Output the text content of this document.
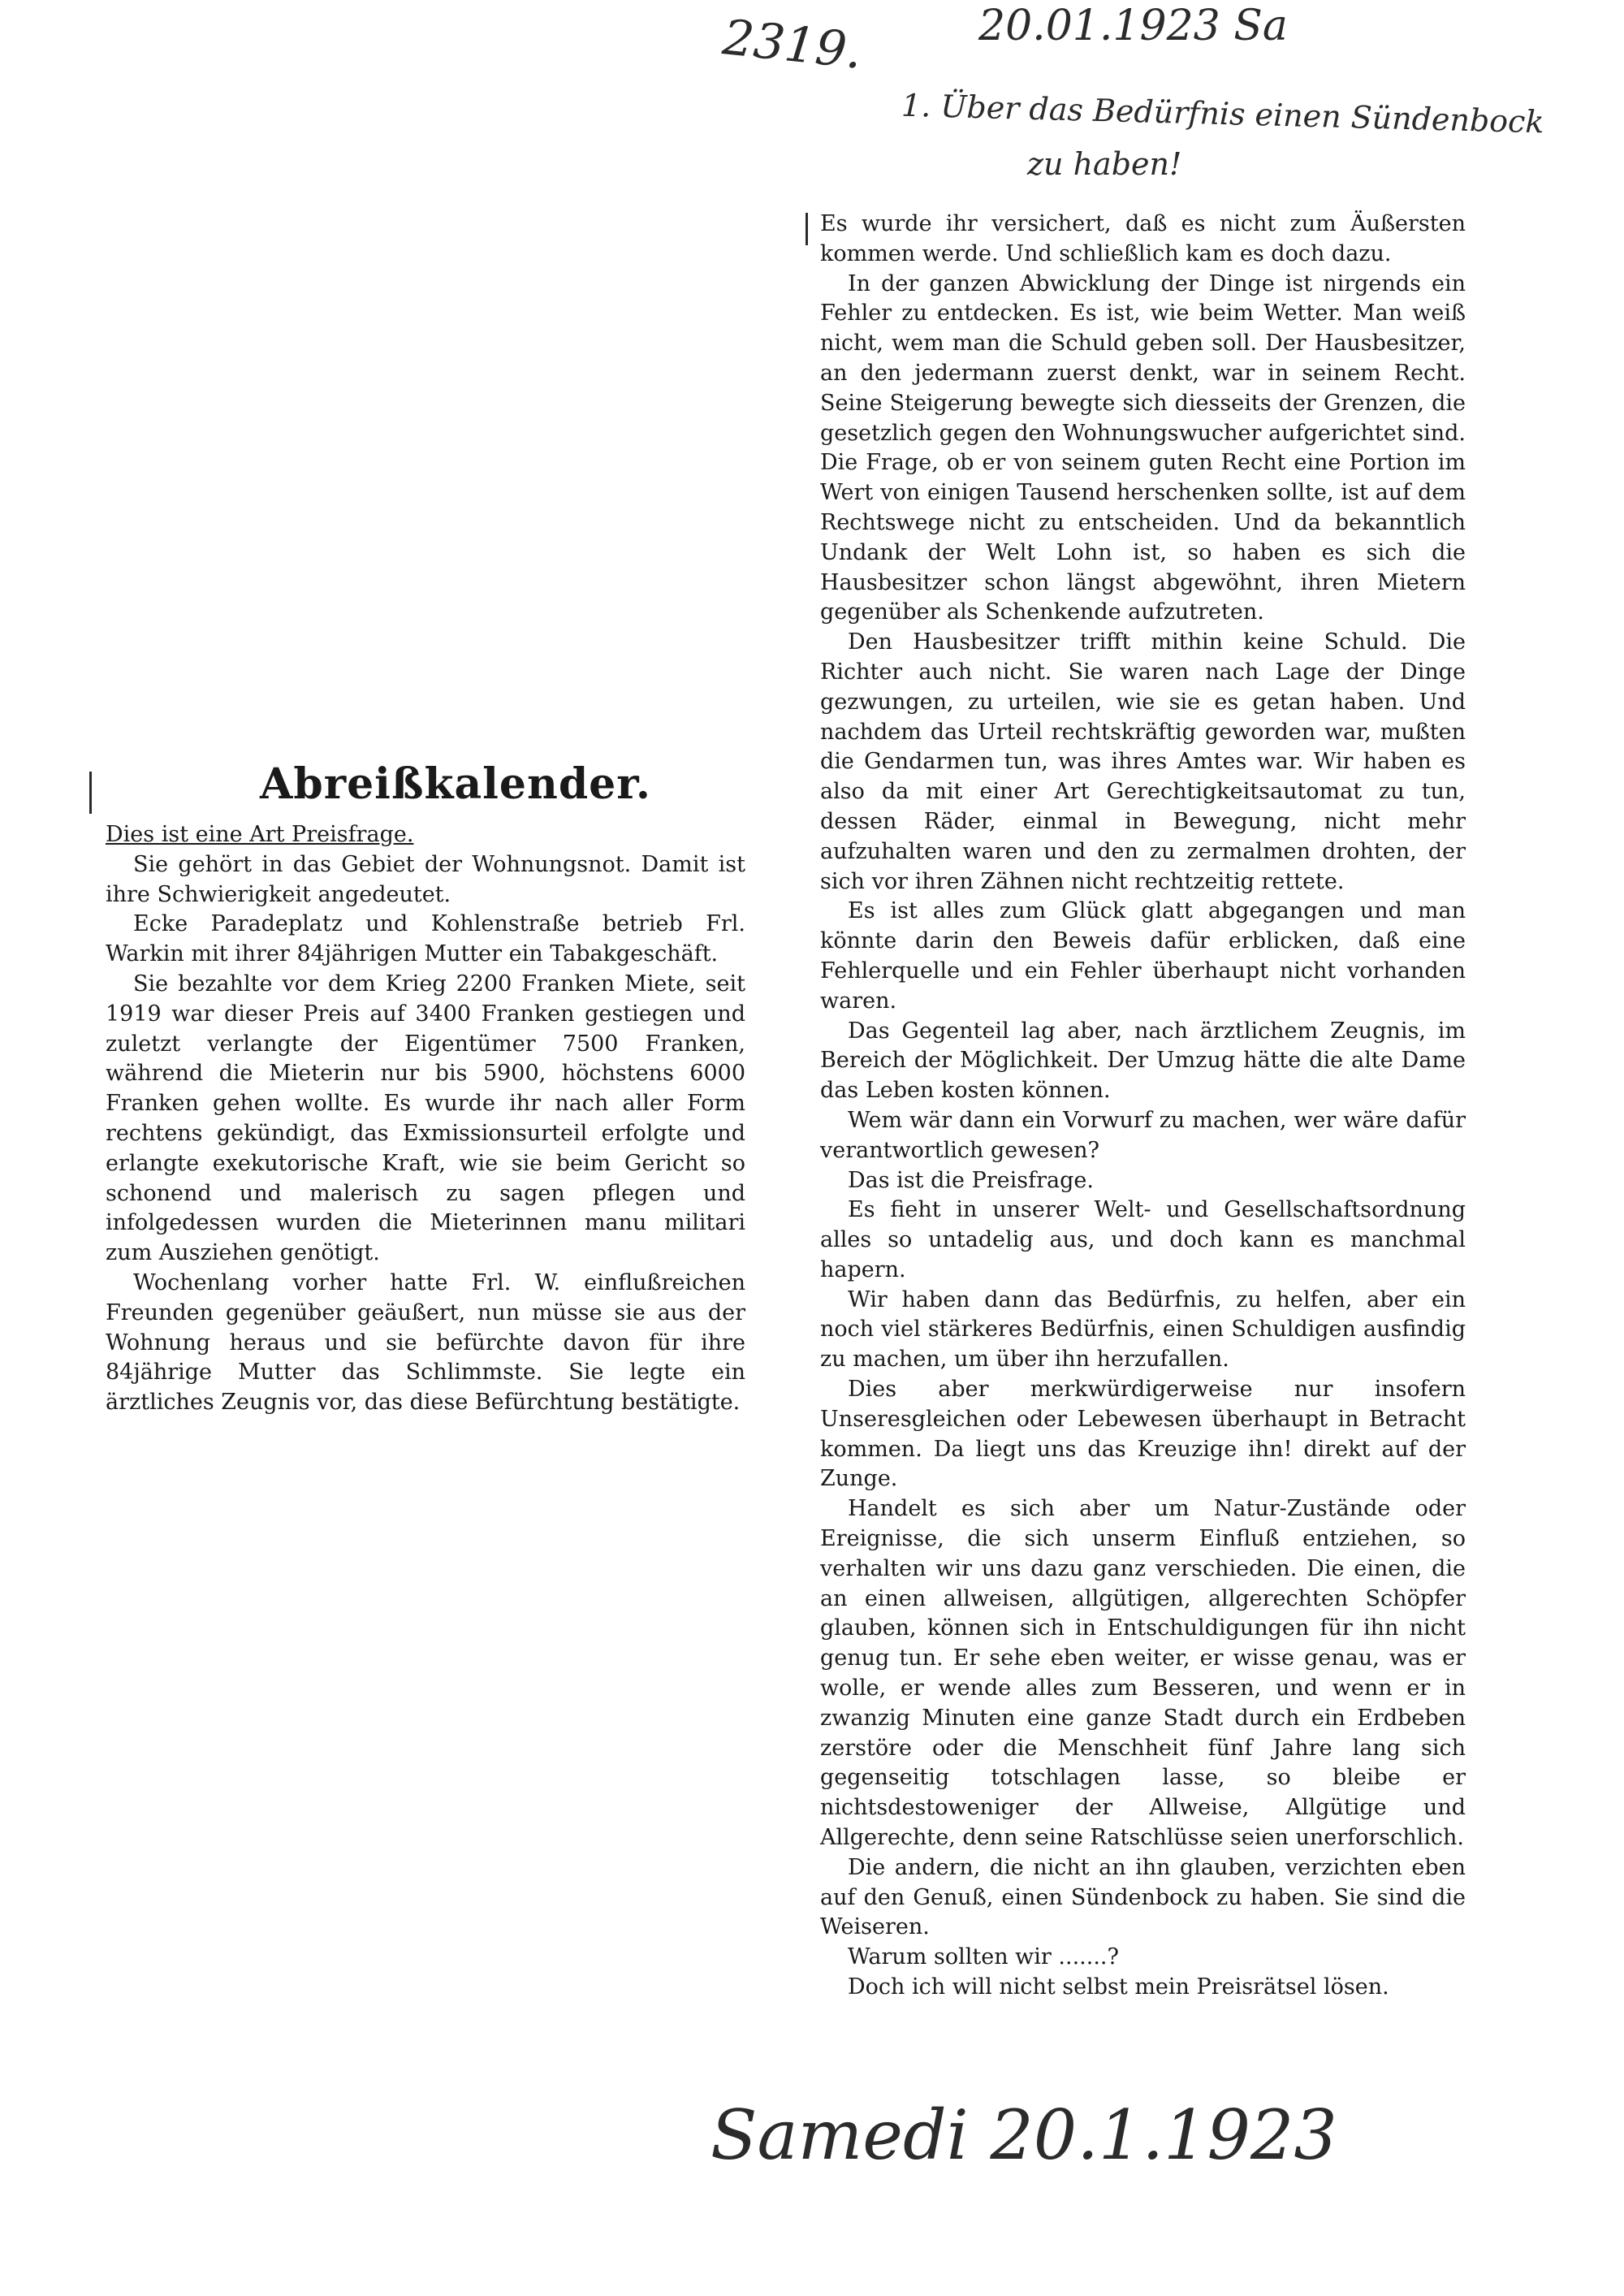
2319.	20.01.1923 Sa
1. Über das Bedürfnis einen Sündenbock
zu haben!
Samedi 20.1.1923
Abreißkalender.

Dies ist eine Art Preisfrage.

Sie gehört in das Gebiet der Wohnungsnot. Damit ist ihre Schwierigkeit angedeutet.

Ecke Paradeplatz und Kohlenstraße betrieb Frl. Warkin mit ihrer 84jährigen Mutter ein Tabakgeschäft.

Sie bezahlte vor dem Krieg 2200 Franken Miete, seit 1919 war dieser Preis auf 3400 Franken gestiegen und zuletzt verlangte der Eigentümer 7500 Franken, während die Mieterin nur bis 5900, höchstens 6000 Franken gehen wollte. Es wurde ihr nach aller Form rechtens gekündigt, das Exmissionsurteil erfolgte und erlangte exekutorische Kraft, wie sie beim Gericht so schonend und malerisch zu sagen pflegen und infolgedessen wurden die Mieterinnen manu militari zum Ausziehen genötigt.

Wochenlang vorher hatte Frl. W. einflußreichen Freunden gegenüber geäußert, nun müsse sie aus der Wohnung heraus und sie befürchte davon für ihre 84jährige Mutter das Schlimmste. Sie legte ein ärztliches Zeugnis vor, das diese Befürchtung bestätigte.

Es wurde ihr versichert, daß es nicht zum Äußersten kommen werde. Und schließlich kam es doch dazu.

In der ganzen Abwicklung der Dinge ist nirgends ein Fehler zu entdecken. Es ist, wie beim Wetter. Man weiß nicht, wem man die Schuld geben soll. Der Hausbesitzer, an den jedermann zuerst denkt, war in seinem Recht. Seine Steigerung bewegte sich diesseits der Grenzen, die gesetzlich gegen den Wohnungswucher aufgerichtet sind. Die Frage, ob er von seinem guten Recht eine Portion im Wert von einigen Tausend herschenken sollte, ist auf dem Rechtswege nicht zu entscheiden. Und da bekanntlich Undank der Welt Lohn ist, so haben es sich die Hausbesitzer schon längst abgewöhnt, ihren Mietern gegenüber als Schenkende aufzutreten.

Den Hausbesitzer trifft mithin keine Schuld. Die Richter auch nicht. Sie waren nach Lage der Dinge gezwungen, zu urteilen, wie sie es getan haben. Und nachdem das Urteil rechtskräftig geworden war, mußten die Gendarmen tun, was ihres Amtes war. Wir haben es also da mit einer Art Gerechtigkeitsautomat zu tun, dessen Räder, einmal in Bewegung, nicht mehr aufzuhalten waren und den zu zermalmen drohten, der sich vor ihren Zähnen nicht rechtzeitig rettete.

Es ist alles zum Glück glatt abgegangen und man könnte darin den Beweis dafür erblicken, daß eine Fehlerquelle und ein Fehler überhaupt nicht vorhanden waren.

Das Gegenteil lag aber, nach ärztlichem Zeugnis, im Bereich der Möglichkeit. Der Umzug hätte die alte Dame das Leben kosten können.

Wem wär dann ein Vorwurf zu machen, wer wäre dafür verantwortlich gewesen?

Das ist die Preisfrage.

Es fieht in unserer Welt- und Gesellschaftsordnung alles so untadelig aus, und doch kann es manchmal hapern.

Wir haben dann das Bedürfnis, zu helfen, aber ein noch viel stärkeres Bedürfnis, einen Schuldigen ausfindig zu machen, um über ihn herzufallen.

Dies aber merkwürdigerweise nur insofern Unseresgleichen oder Lebewesen überhaupt in Betracht kommen. Da liegt uns das Kreuzige ihn! direkt auf der Zunge.

Handelt es sich aber um Natur-Zustände oder Ereignisse, die sich unserm Einfluß entziehen, so verhalten wir uns dazu ganz verschieden. Die einen, die an einen allweisen, allgütigen, allgerechten Schöpfer glauben, können sich in Entschuldigungen für ihn nicht genug tun. Er sehe eben weiter, er wisse genau, was er wolle, er wende alles zum Besseren, und wenn er in zwanzig Minuten eine ganze Stadt durch ein Erdbeben zerstöre oder die Menschheit fünf Jahre lang sich gegenseitig totschlagen lasse, so bleibe er nichtsdestoweniger der Allweise, Allgütige und Allgerechte, denn seine Ratschlüsse seien unerforschlich.

Die andern, die nicht an ihn glauben, verzichten eben auf den Genuß, einen Sündenbock zu haben. Sie sind die Weiseren.

Warum sollten wir .......?

Doch ich will nicht selbst mein Preisrätsel lösen.
